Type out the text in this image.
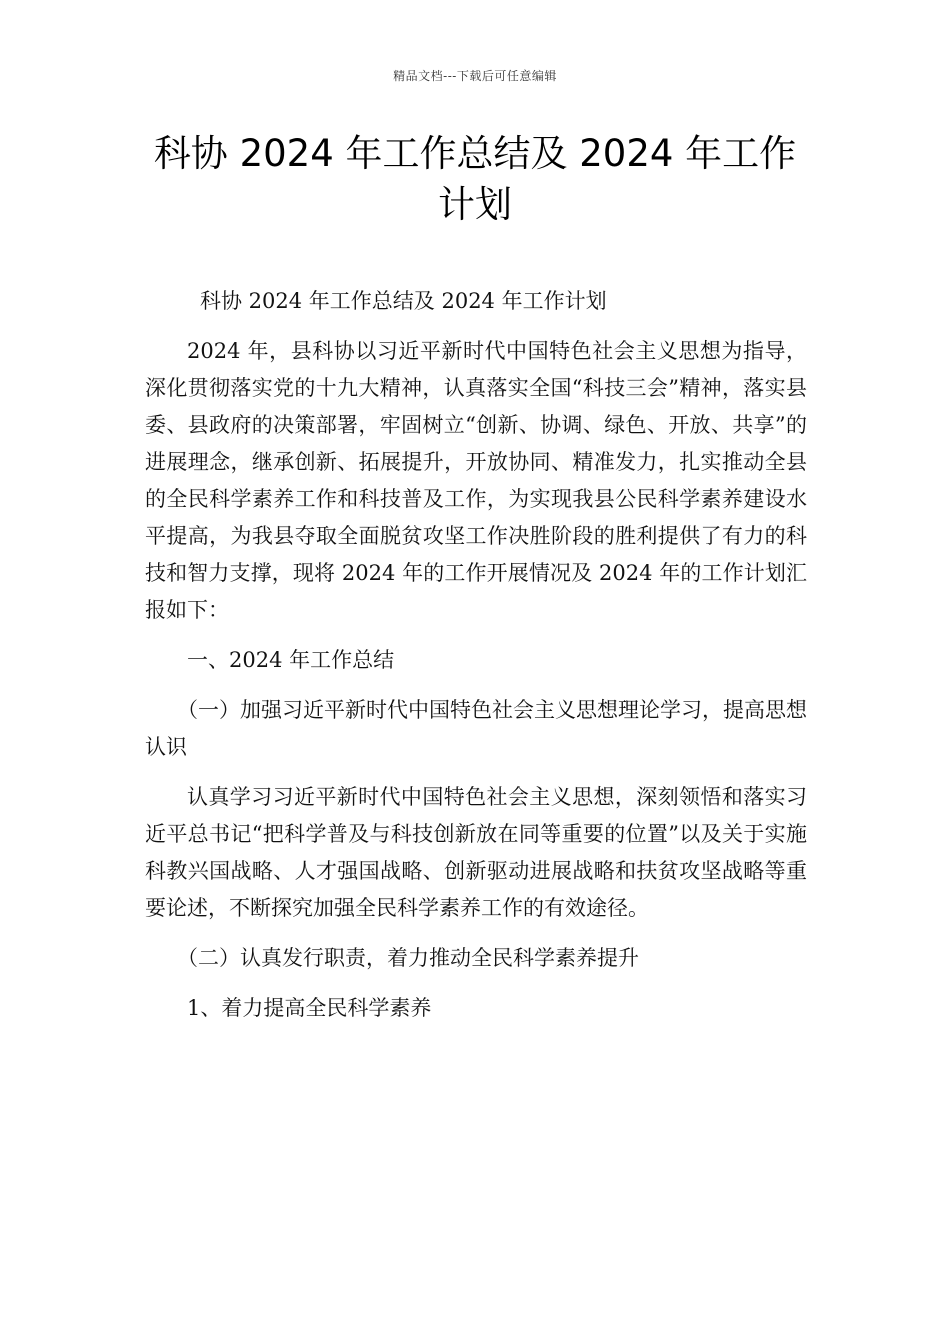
精品文档---下载后可任意编辑
科协 2024 年工作总结及 2024 年工作计划

科协 2024 年工作总结及 2024 年工作计划

2024 年，县科协以习近平新时代中国特色社会主义思想为指导，深化贯彻落实党的十九大精神，认真落实全国“科技三会”精神，落实县委、县政府的决策部署，牢固树立“创新、协调、绿色、开放、共享”的进展理念，继承创新、拓展提升，开放协同、精准发力，扎实推动全县的全民科学素养工作和科技普及工作，为实现我县公民科学素养建设水平提高，为我县夺取全面脱贫攻坚工作决胜阶段的胜利提供了有力的科技和智力支撑，现将 2024 年的工作开展情况及 2024 年的工作计划汇报如下：

一、2024 年工作总结

（一）加强习近平新时代中国特色社会主义思想理论学习，提高思想认识

认真学习习近平新时代中国特色社会主义思想，深刻领悟和落实习近平总书记“把科学普及与科技创新放在同等重要的位置”以及关于实施科教兴国战略、人才强国战略、创新驱动进展战略和扶贫攻坚战略等重要论述，不断探究加强全民科学素养工作的有效途径。

（二）认真发行职责，着力推动全民科学素养提升

1、着力提高全民科学素养
